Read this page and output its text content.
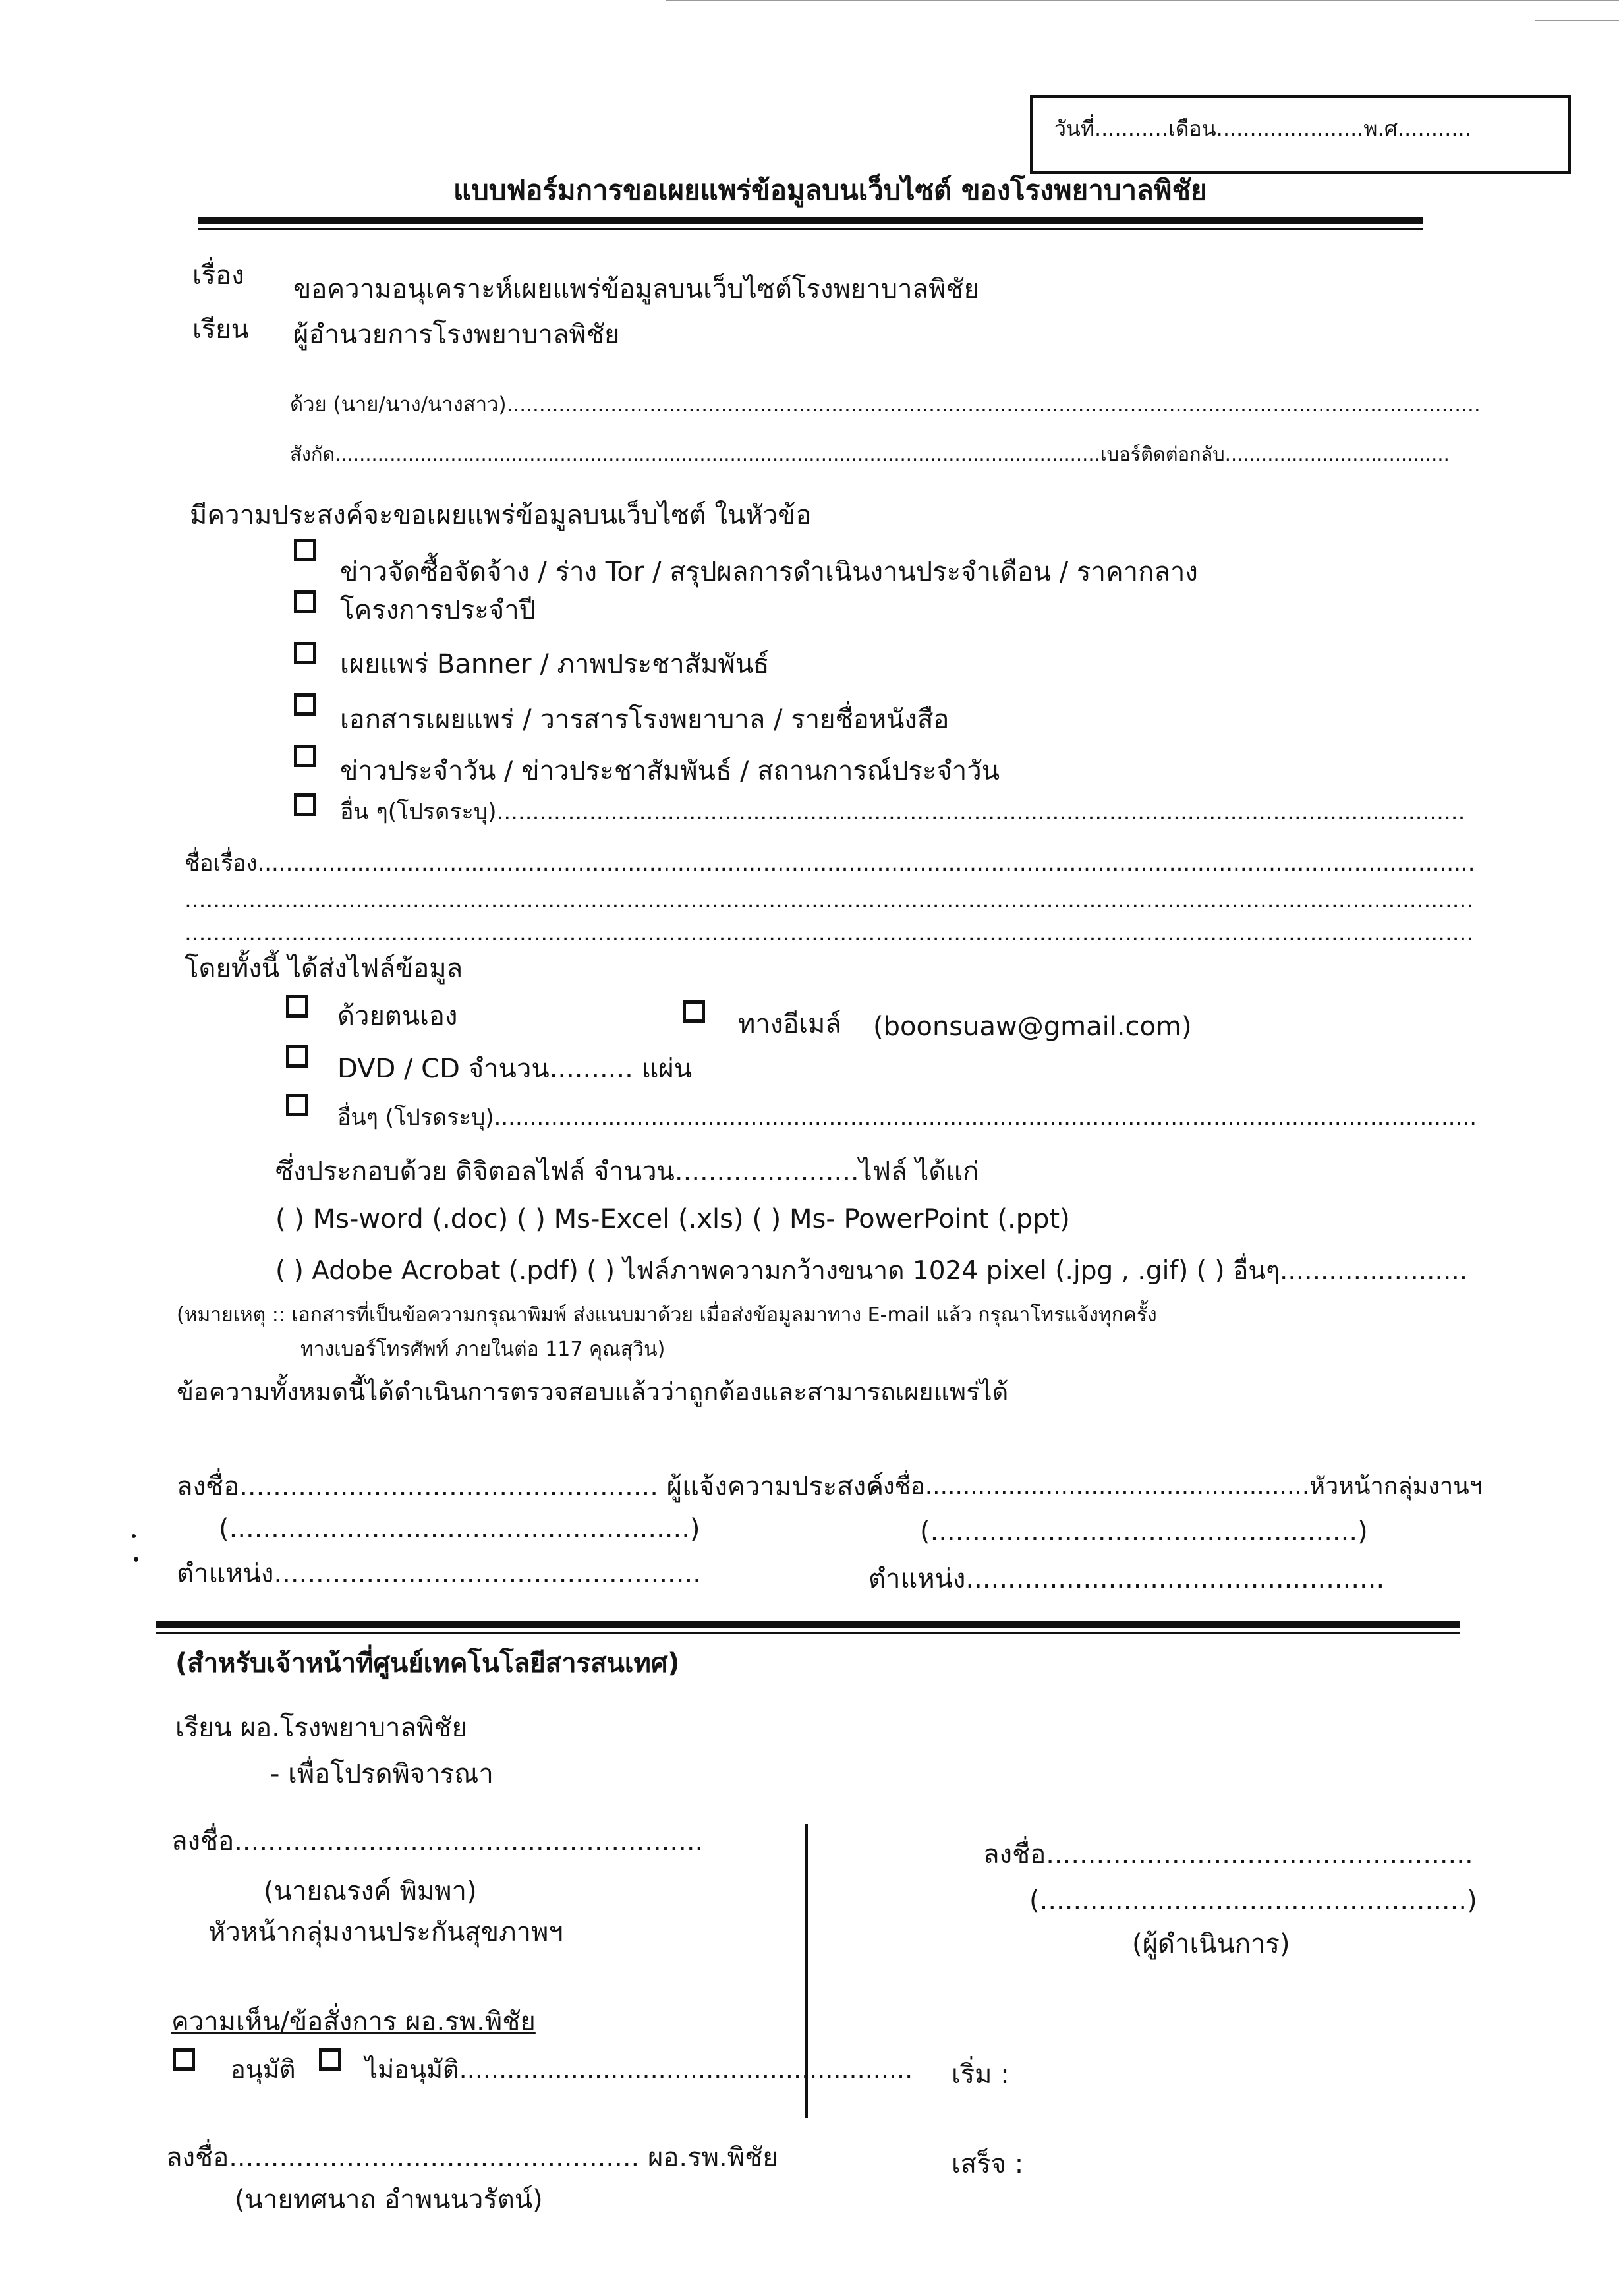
วันที่...........เดือน......................พ.ศ...........
แบบฟอร์มการขอเผยแพร่ข้อมูลบนเว็บไซต์ ของโรงพยาบาลพิชัย
เรื่อง ขอความอนุเคราะห์เผยแพร่ข้อมูลบนเว็บไซต์โรงพยาบาลพิชัย
เรียน ผู้อำนวยการโรงพยาบาลพิชัย
ด้วย (นาย/นาง/นางสาว)......................................................................................................................................................
สังกัด..............................................................................................................................เบอร์ติดต่อกลับ.....................................
มีความประสงค์จะขอเผยแพร่ข้อมูลบนเว็บไซต์ ในหัวข้อ
ข่าวจัดซื้อจัดจ้าง / ร่าง Tor / สรุปผลการดำเนินงานประจำเดือน / ราคากลาง
โครงการประจำปี
เผยแพร่ Banner / ภาพประชาสัมพันธ์
เอกสารเผยแพร่ / วารสารโรงพยาบาล / รายชื่อหนังสือ
ข่าวประจำวัน / ข่าวประชาสัมพันธ์ / สถานการณ์ประจำวัน
อื่น ๆ(โปรดระบุ)........................................................................................................................................
ชื่อเรื่อง...........................................................................................................................................................................
.....................................................................................................................................................................................
.....................................................................................................................................................................................
โดยทั้งนี้ ได้ส่งไฟล์ข้อมูล
ด้วยตนเอง	ทางอีเมล์ (boonsuaw@gmail.com)
DVD / CD จำนวน.......... แผ่น
อื่นๆ (โปรดระบุ)..........................................................................................................................................
ซึ่งประกอบด้วย ดิจิตอลไฟล์ จำนวน......................ไฟล์ ได้แก่
( ) Ms-word (.doc) ( ) Ms-Excel (.xls) ( ) Ms- PowerPoint (.ppt)
( ) Adobe Acrobat (.pdf) ( ) ไฟล์ภาพความกว้างขนาด 1024 pixel (.jpg , .gif) ( ) อื่นๆ.......................
(หมายเหตุ :: เอกสารที่เป็นข้อความกรุณาพิมพ์ ส่งแนบมาด้วย เมื่อส่งข้อมูลมาทาง E-mail แล้ว กรุณาโทรแจ้งทุกครั้ง
ทางเบอร์โทรศัพท์ ภายในต่อ 117 คุณสุวิน)
ข้อความทั้งหมดนี้ได้ดำเนินการตรวจสอบแล้วว่าถูกต้องและสามารถเผยแพร่ได้
ลงชื่อ.................................................. ผู้แจ้งความประสงค์
(.......................................................)
ตำแหน่ง...................................................
ลงชื่อ...................................................หัวหน้ากลุ่มงานฯ
(...................................................)
ตำแหน่ง..................................................
(สำหรับเจ้าหน้าที่ศูนย์เทคโนโลยีสารสนเทศ)
เรียน ผอ.โรงพยาบาลพิชัย
- เพื่อโปรดพิจารณา
ลงชื่อ........................................................
(นายณรงค์ พิมพา)
หัวหน้ากลุ่มงานประกันสุขภาพฯ
ลงชื่อ...................................................
(...................................................)
(ผู้ดำเนินการ)
ความเห็น/ข้อสั่งการ ผอ.รพ.พิชัย
อนุมัติ	ไม่อนุมัติ......................................................... เริ่ม :
เสร็จ :
ลงชื่อ................................................. ผอ.รพ.พิชัย
(นายทศนาถ อำพนนวรัตน์)
